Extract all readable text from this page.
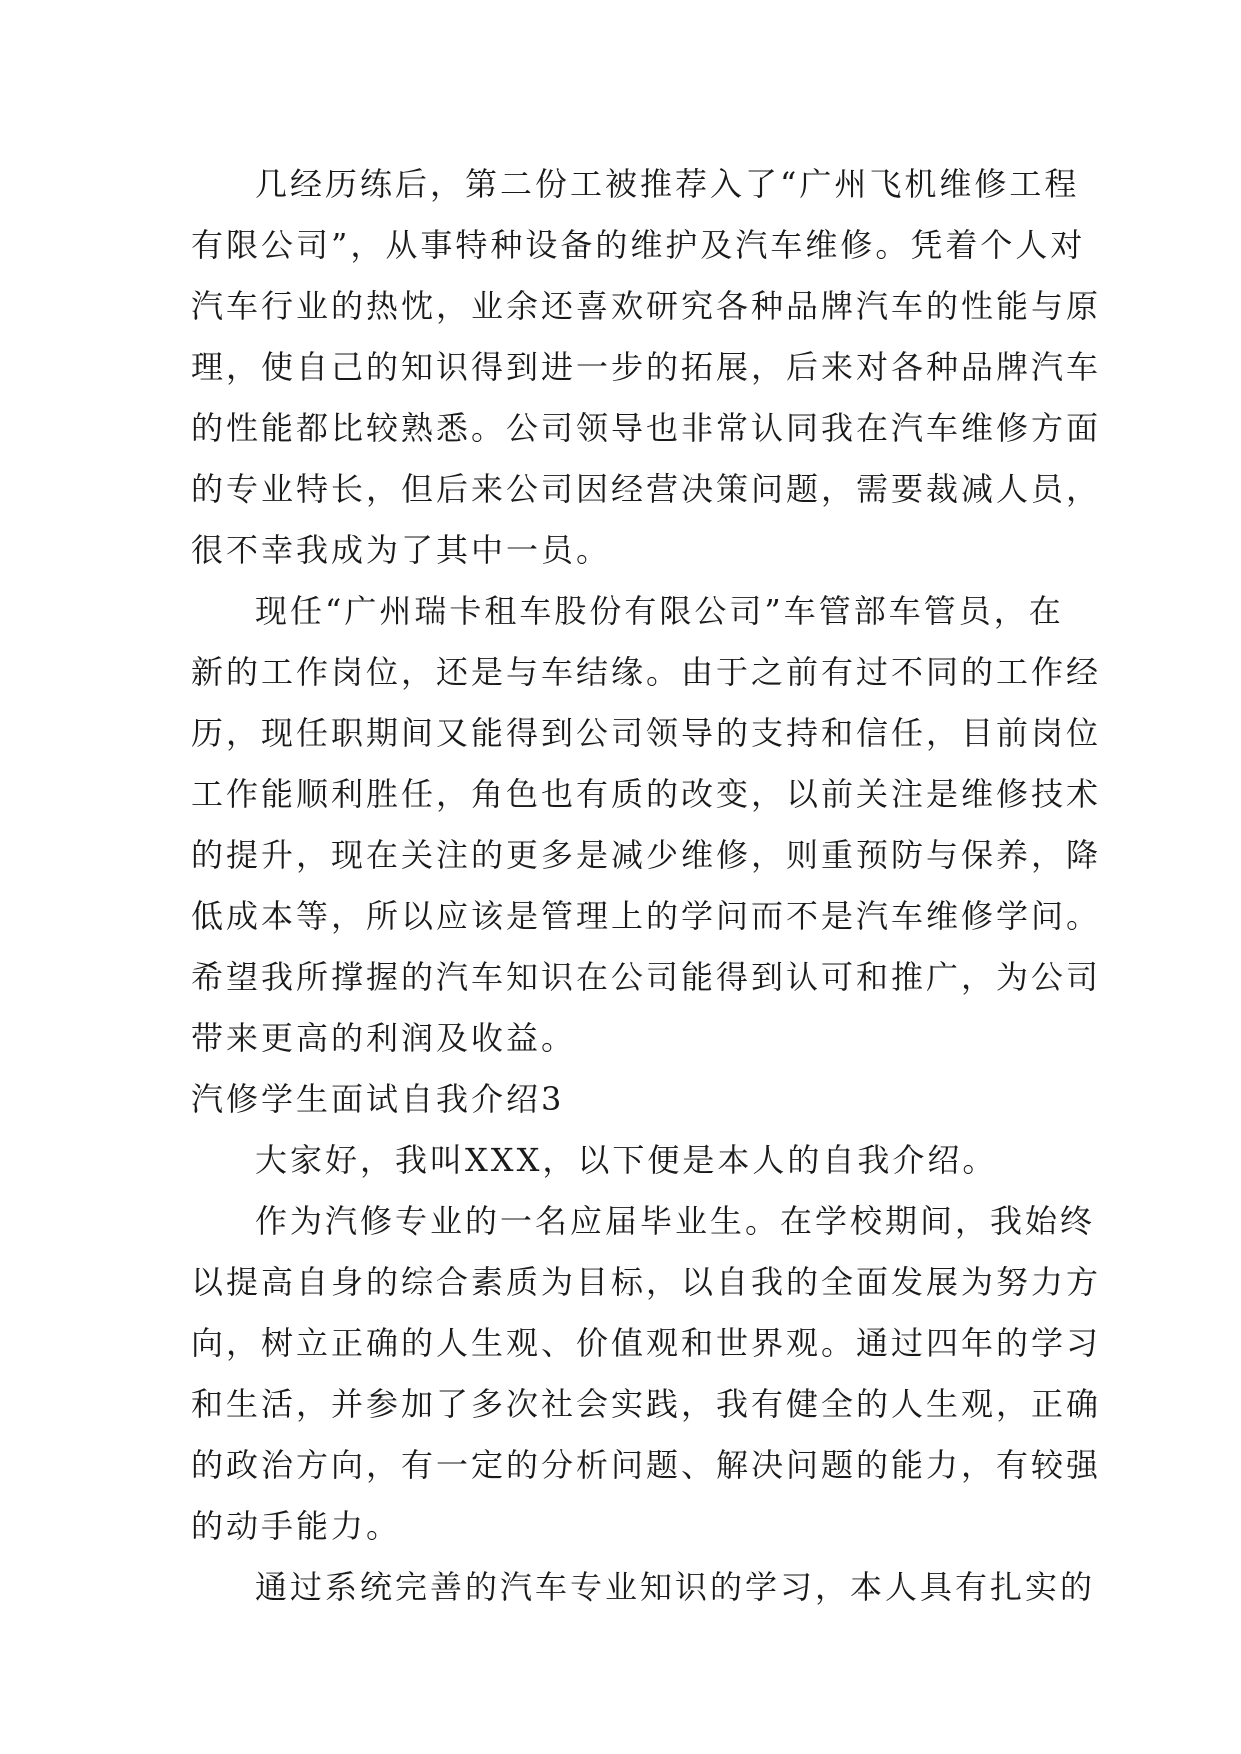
几经历练后，第二份工被推荐入了“广州飞机维修工程

有限公司”，从事特种设备的维护及汽车维修。凭着个人对

汽车行业的热忱，业余还喜欢研究各种品牌汽车的性能与原

理，使自己的知识得到进一步的拓展，后来对各种品牌汽车

的性能都比较熟悉。公司领导也非常认同我在汽车维修方面

的专业特长，但后来公司因经营决策问题，需要裁减人员，

很不幸我成为了其中一员。

现任“广州瑞卡租车股份有限公司”车管部车管员，在

新的工作岗位，还是与车结缘。由于之前有过不同的工作经

历，现任职期间又能得到公司领导的支持和信任，目前岗位

工作能顺利胜任，角色也有质的改变，以前关注是维修技术

的提升，现在关注的更多是减少维修，则重预防与保养，降

低成本等，所以应该是管理上的学问而不是汽车维修学问。

希望我所撑握的汽车知识在公司能得到认可和推广，为公司

带来更高的利润及收益。

汽修学生面试自我介绍3

大家好，我叫XXX，以下便是本人的自我介绍。

作为汽修专业的一名应届毕业生。在学校期间，我始终

以提高自身的综合素质为目标，以自我的全面发展为努力方

向，树立正确的人生观、价值观和世界观。通过四年的学习

和生活，并参加了多次社会实践，我有健全的人生观，正确

的政治方向，有一定的分析问题、解决问题的能力，有较强

的动手能力。

通过系统完善的汽车专业知识的学习，本人具有扎实的
